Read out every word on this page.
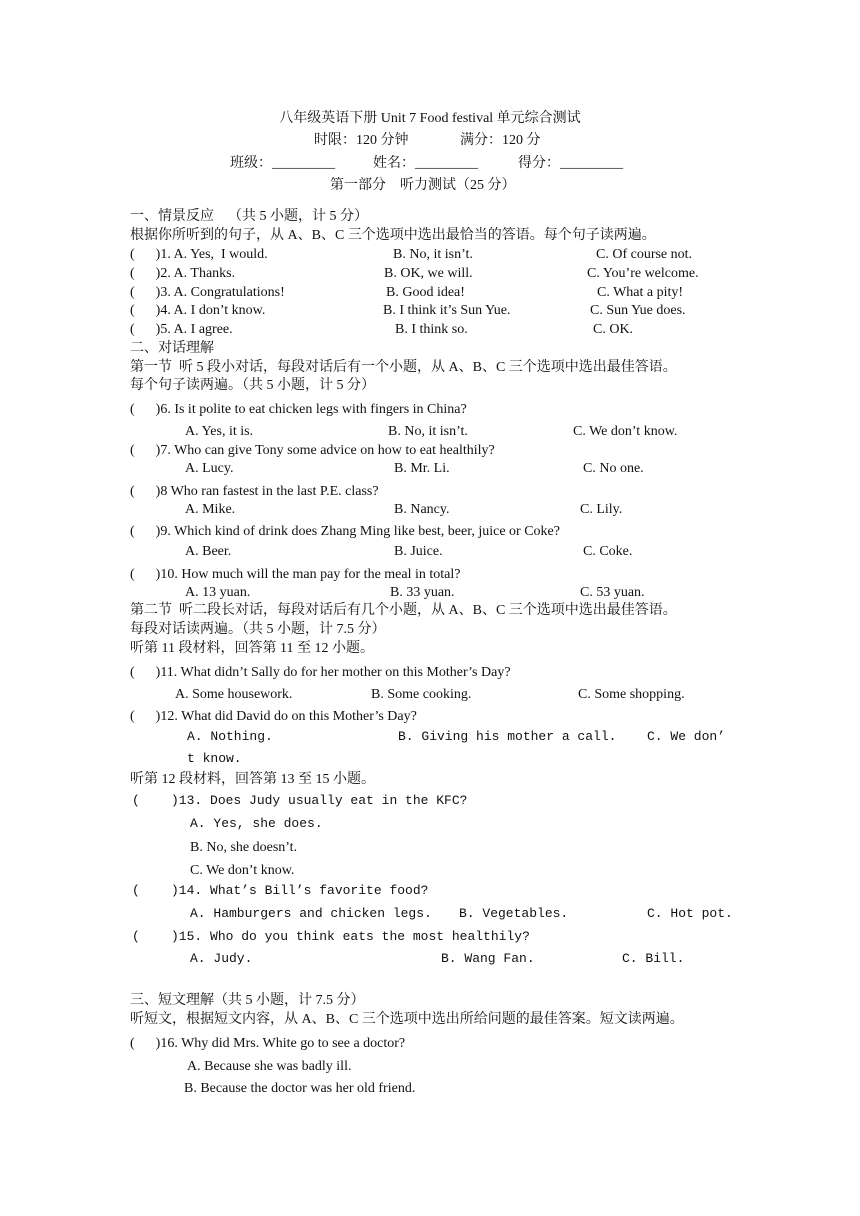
八年级英语下册 Unit 7 Food festival 单元综合测试
时限：120 分钟	满分：120 分
班级：_________	姓名：_________	得分：_________
第一部分    听力测试（25 分）
一、情景反应    （共 5 小题，计 5 分）
根据你所听到的句子，从 A、B、C 三个选项中选出最恰当的答语。每个句子读两遍。
(      )1. A. Yes,  I would.	B. No, it isn’t.	C. Of course not.
(      )2. A. Thanks.	B. OK, we will.	C. You’re welcome.
(      )3. A. Congratulations!	B. Good idea!	C. What a pity!
(      )4. A. I don’t know.	B. I think it’s Sun Yue.	C. Sun Yue does.
(      )5. A. I agree.	B. I think so.	C. OK.
二、对话理解
第一节  听 5 段小对话，每段对话后有一个小题，从 A、B、C 三个选项中选出最佳答语。
每个句子读两遍。（共 5 小题，计 5 分）
(      )6. Is it polite to eat chicken legs with fingers in China?
A. Yes, it is.	B. No, it isn’t.	C. We don’t know.
(      )7. Who can give Tony some advice on how to eat healthily?
A. Lucy.	B. Mr. Li.	C. No one.
(      )8 Who ran fastest in the last P.E. class?
A. Mike.	B. Nancy.	C. Lily.
(      )9. Which kind of drink does Zhang Ming like best, beer, juice or Coke?
A. Beer.	B. Juice.	C. Coke.
(      )10. How much will the man pay for the meal in total?
A. 13 yuan.	B. 33 yuan.	C. 53 yuan.
第二节  听二段长对话，每段对话后有几个小题，从 A、B、C 三个选项中选出最佳答语。
每段对话读两遍。（共 5 小题，计 7.5 分）
听第 11 段材料，回答第 11 至 12 小题。
(      )11. What didn’t Sally do for her mother on this Mother’s Day?
A. Some housework.	B. Some cooking.	C. Some shopping.
(      )12. What did David do on this Mother’s Day?
A. Nothing.	B. Giving his mother a call. C. We don’
t know.
听第 12 段材料，回答第 13 至 15 小题。
(    )13. Does Judy usually eat in the KFC?
A. Yes, she does.
B. No, she doesn’t.
C. We don’t know.
(    )14. What’s Bill’s favorite food?
A. Hamburgers and chicken legs. B. Vegetables.	C. Hot pot.
(    )15. Who do you think eats the most healthily?
A. Judy.	B. Wang Fan.	C. Bill.
三、短文理解（共 5 小题，计 7.5 分）
听短文，根据短文内容，从 A、B、C 三个选项中选出所给问题的最佳答案。短文读两遍。
(      )16. Why did Mrs. White go to see a doctor?
A. Because she was badly ill.
B. Because the doctor was her old friend.
